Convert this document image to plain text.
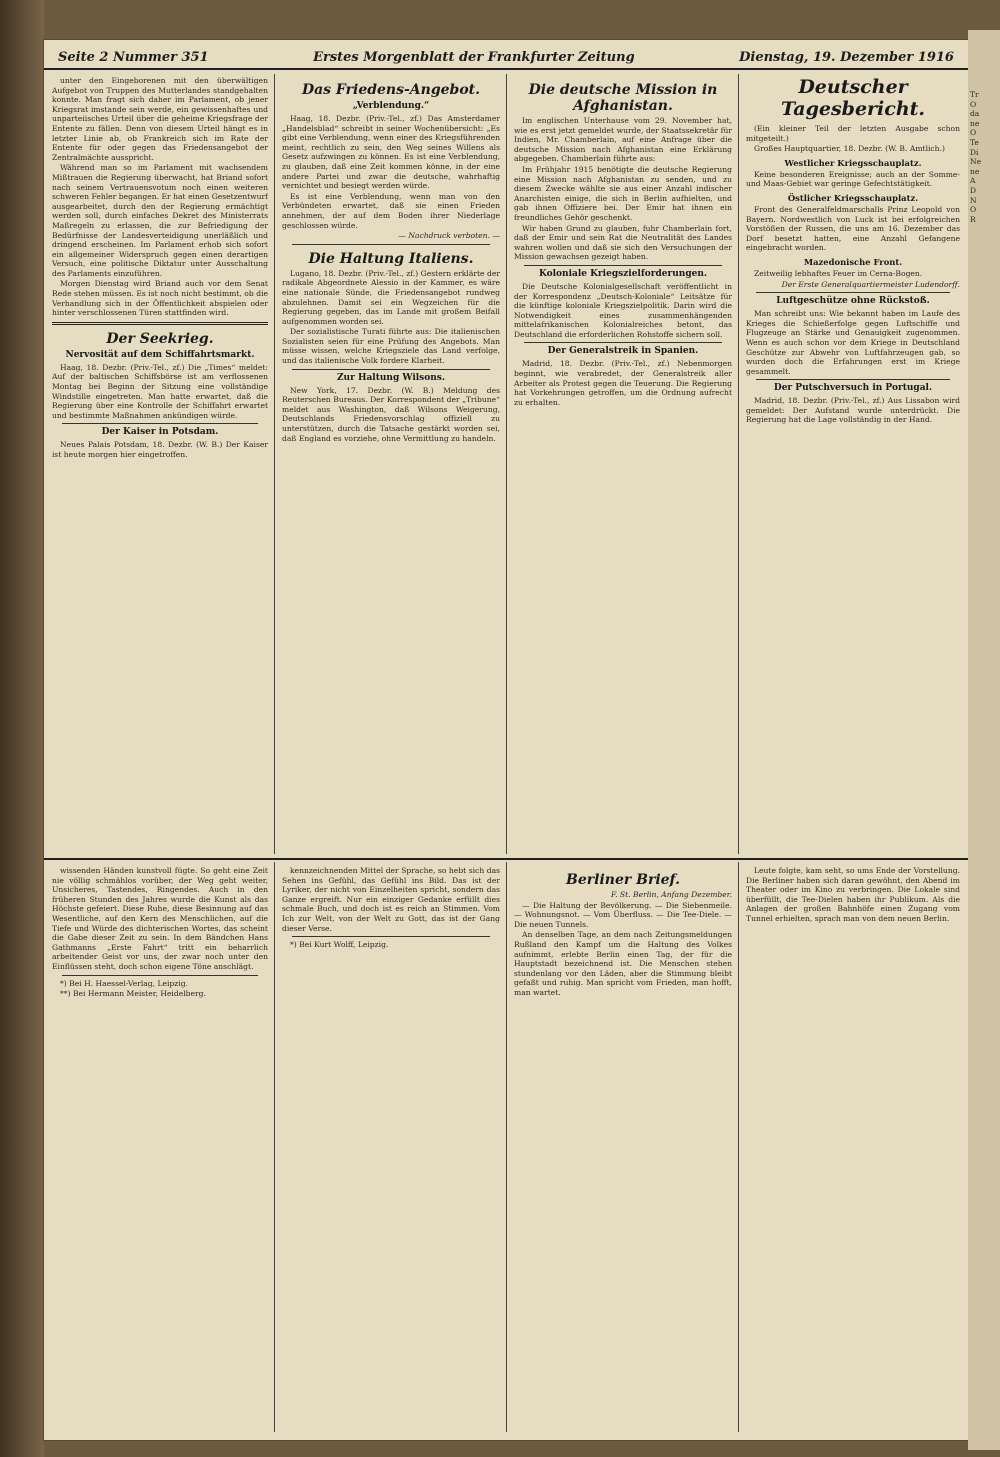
Seite 2 Nummer 351	Erstes Morgenblatt der Frankfurter Zeitung	Dienstag, 19. Dezember 1916

unter den Eingeborenen mit den überwältigen Aufgebot von Truppen des Mutterlandes standgehalten konnte. Man fragt sich daher im Parlament, ob jener Kriegsrat imstande sein werde, ein gewissenhaftes und unparteiisches Urteil über die geheime Kriegsfrage der Entente zu fällen. Denn von diesem Urteil hängt es in letzter Linie ab, ob Frankreich sich im Rate der Entente für oder gegen das Friedensangebot der Zentralmächte ausspricht.

Während man so im Parlament mit wachsendem Mißtrauen die Regierung überwacht, hat Briand sofort nach seinem Vertrauensvotum noch einen weiteren schweren Fehler begangen. Er hat einen Gesetzentwurf ausgearbeitet, durch den der Regierung ermächtigt werden soll, durch einfaches Dekret des Ministerrats Maßregeln zu erlassen, die zur Befriedigung der Bedürfnisse der Landesverteidigung unerläßlich und dringend erscheinen. Im Parlament erhob sich sofort ein allgemeiner Widerspruch gegen einen derartigen Versuch, eine politische Diktatur unter Ausschaltung des Parlaments einzuführen.

Morgen Dienstag wird Briand auch vor dem Senat Rede stehen müssen. Es ist noch nicht bestimmt, ob die Verhandlung sich in der Öffentlichkeit abspielen oder hinter verschlossenen Türen stattfinden wird.

Der Seekrieg.
Nervosität auf dem Schiffahrtsmarkt.

Haag, 18. Dezbr. (Priv.-Tel., zf.) Die „Times“ meldet: Auf der baltischen Schiffsbörse ist am verflossenen Montag bei Beginn der Sitzung eine vollständige Windstille eingetreten. Man hatte erwartet, daß die Regierung über eine Kontrolle der Schiffahrt erwartet und bestimmte Maßnahmen ankündigen würde.

Der Kaiser in Potsdam.

Neues Palais Potsdam, 18. Dezbr. (W. B.) Der Kaiser ist heute morgen hier eingetroffen.

Das Friedens-Angebot.
„Verblendung.“

Haag, 18. Dezbr. (Priv.-Tel., zf.) Das Amsterdamer „Handelsblad“ schreibt in seiner Wochenübersicht: „Es gibt eine Verblendung, wenn einer des Kriegsführenden meint, rechtlich zu sein, den Weg seines Willens als Gesetz aufzwingen zu können. Es ist eine Verblendung, zu glauben, daß eine Zeit kommen könne, in der eine andere Partei und zwar die deutsche, wahrhaftig vernichtet und besiegt werden würde.

Es ist eine Verblendung, wenn man von den Verbündeten erwartet, daß sie einen Frieden annehmen, der auf dem Boden ihrer Niederlage geschlossen würde.

— Nachdruck verboten. —

Die Haltung Italiens.

Lugano, 18. Dezbr. (Priv.-Tel., zf.) Gestern erklärte der radikale Abgeordnete Alessio in der Kammer, es wäre eine nationale Sünde, die Friedensangebot rundweg abzulehnen. Damit sei ein Wegzeichen für die Regierung gegeben, das im Lande mit großem Beifall aufgenommen worden sei.

Der sozialistische Turati führte aus: Die italienischen Sozialisten seien für eine Prüfung des Angebots. Man müsse wissen, welche Kriegsziele das Land verfolge, und das italienische Volk fordere Klarheit.

Zur Haltung Wilsons.

New York, 17. Dezbr. (W. B.) Meldung des Reuterschen Bureaus. Der Korrespondent der „Tribune“ meldet aus Washington, daß Wilsons Weigerung, Deutschlands Friedensvorschlag offiziell zu unterstützen, durch die Tatsache gestärkt worden sei, daß England es vorziehe, ohne Vermittlung zu handeln.

Die deutsche Mission in Afghanistan.

Im englischen Unterhause vom 29. November hat, wie es erst jetzt gemeldet wurde, der Staatssekretär für Indien, Mr. Chamberlain, auf eine Anfrage über die deutsche Mission nach Afghanistan eine Erklärung abgegeben. Chamberlain führte aus:

Im Frühjahr 1915 benötigte die deutsche Regierung eine Mission nach Afghanistan zu senden, und zu diesem Zwecke wählte sie aus einer Anzahl indischer Anarchisten einige, die sich in Berlin aufhielten, und gab ihnen Offiziere bei. Der Emir hat ihnen ein freundliches Gehör geschenkt.

Wir haben Grund zu glauben, fuhr Chamberlain fort, daß der Emir und sein Rat die Neutralität des Landes wahren wollen und daß sie sich den Versuchungen der Mission gewachsen gezeigt haben.

Koloniale Kriegszielforderungen.

Die Deutsche Kolonialgesellschaft veröffentlicht in der Korrespondenz „Deutsch-Koloniale“ Leitsätze für die künftige koloniale Kriegszielpolitik. Darin wird die Notwendigkeit eines zusammenhängenden mittelafrikanischen Kolonialreiches betont, das Deutschland die erforderlichen Rohstoffe sichern soll.

Der Generalstreik in Spanien.

Madrid, 18. Dezbr. (Priv.-Tel., zf.) Nebenmorgen beginnt, wie verabredet, der Generalstreik aller Arbeiter als Protest gegen die Teuerung. Die Regierung hat Vorkehrungen getroffen, um die Ordnung aufrecht zu erhalten.

Deutscher Tagesbericht.

(Ein kleiner Teil der letzten Ausgabe schon mitgeteilt.)

Großes Hauptquartier, 18. Dezbr. (W. B. Amtlich.)

Westlicher Kriegsschauplatz.

Keine besonderen Ereignisse; auch an der Somme- und Maas-Gebiet war geringe Gefechtstätigkeit.

Östlicher Kriegsschauplatz.

Front des Generalfeldmarschalls Prinz Leopold von Bayern. Nordwestlich von Luck ist bei erfolgreichen Vorstößen der Russen, die uns am 16. Dezember das Dorf besetzt hatten, eine Anzahl Gefangene eingebracht worden.

Mazedonische Front.

Zeitweilig lebhaftes Feuer im Cerna-Bogen.

Der Erste Generalquartiermeister Ludendorff.

Luftgeschütze ohne Rückstoß.

Man schreibt uns: Wie bekannt haben im Laufe des Krieges die Schießerfolge gegen Luftschiffe und Flugzeuge an Stärke und Genauigkeit zugenommen. Wenn es auch schon vor dem Kriege in Deutschland Geschütze zur Abwehr von Luftfahrzeugen gab, so wurden doch die Erfahrungen erst im Kriege gesammelt.

Der Putschversuch in Portugal.

Madrid, 18. Dezbr. (Priv.-Tel., zf.) Aus Lissabon wird gemeldet: Der Aufstand wurde unterdrückt. Die Regierung hat die Lage vollständig in der Hand.

wissenden Händen kunstvoll fügte. So geht eine Zeit nie völlig schmählos vorüber, der Weg geht weiter, Unsicheres, Tastendes, Ringendes. Auch in den früheren Stunden des Jahres wurde die Kunst als das Höchste gefeiert. Diese Ruhe, diese Besinnung auf das Wesentliche, auf den Kern des Menschlichen, auf die Tiefe und Würde des dichterischen Wortes, das scheint die Gabe dieser Zeit zu sein. In dem Bändchen Hans Gathmanns „Erste Fahrt“ tritt ein beharrlich arbeitender Geist vor uns, der zwar noch unter den Einflüssen steht, doch schon eigene Töne anschlägt.

*) Bei H. Haessel-Verlag, Leipzig.

**) Bei Hermann Meister, Heidelberg.

kennzeichnenden Mittel der Sprache, so hebt sich das Sehen ins Gefühl, das Gefühl ins Bild. Das ist der Lyriker, der nicht von Einzelheiten spricht, sondern das Ganze ergreift. Nur ein einziger Gedanke erfüllt dies schmale Buch, und doch ist es reich an Stimmen. Vom Ich zur Welt, von der Welt zu Gott, das ist der Gang dieser Verse.

*) Bei Kurt Wolff, Leipzig.

Berliner Brief.

F. St. Berlin, Anfang Dezember.

— Die Haltung der Bevölkerung. — Die Siebenmeile. — Wohnungsnot. — Vom Überfluss. — Die Tee-Diele. — Die neuen Tunnels.

An denselben Tage, an dem nach Zeitungsmeldungen Rußland den Kampf um die Haltung des Volkes aufnimmt, erlebte Berlin einen Tag, der für die Hauptstadt bezeichnend ist. Die Menschen stehen stundenlang vor den Läden, aber die Stimmung bleibt gefaßt und ruhig. Man spricht vom Frieden, man hofft, man wartet.

Leute folgte, kam seht, so ums Ende der Vorstellung. Die Berliner haben sich daran gewöhnt, den Abend im Theater oder im Kino zu verbringen. Die Lokale sind überfüllt, die Tee-Dielen haben ihr Publikum. Als die Anlagen der großen Bahnhöfe einen Zugang vom Tunnel erhielten, sprach man von dem neuen Berlin.

Tr
O
da
ne
O
Te
Di
Ne
ne
A
D
N
O
R
